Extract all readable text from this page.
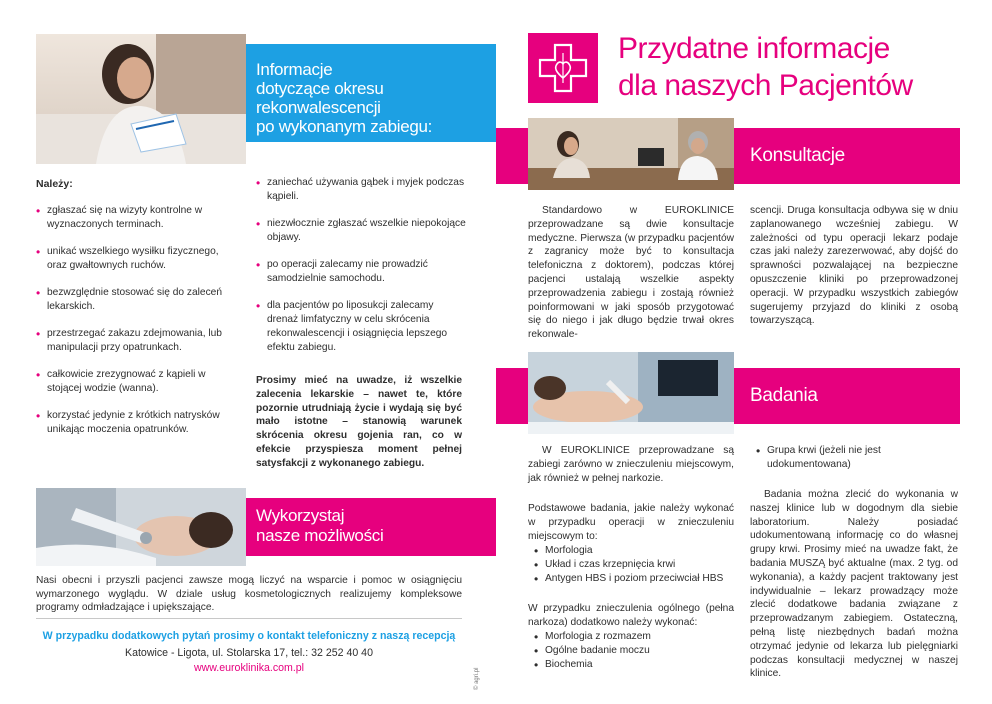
Informacje
dotyczące okresu
rekonwalescencji
po wykonanym zabiegu:
Należy:
• zgłaszać się na wizyty kontrolne w wyznaczonych terminach.
• unikać wszelkiego wysiłku fizycznego, oraz gwałtownych ruchów.
• bezwzględnie stosować się do zaleceń lekarskich.
• przestrzegać zakazu zdejmowania, lub manipulacji przy opatrunkach.
• całkowicie zrezygnować z kąpieli w stojącej wodzie (wanna).
• korzystać jedynie z krótkich natrysków unikając moczenia opatrunków.
• zaniechać używania gąbek i myjek podczas kąpieli.
• niezwłocznie zgłaszać wszelkie niepokojące objawy.
• po operacji zalecamy nie prowadzić samodzielnie samochodu.
• dla pacjentów po liposukcji zalecamy drenaż limfatyczny w celu skrócenia rekonwalescencji i osiągnięcia lepszego efektu zabiegu.
Prosimy mieć na uwadze, iż wszelkie zalecenia lekarskie – nawet te, które pozornie utrudniają życie i wydają się być mało istotne – stanowią warunek skrócenia okresu gojenia ran, co w efekcie przyspiesza moment pełnej satysfakcji z wykonanego zabiegu.
Wykorzystaj
nasze możliwości
Nasi obecni i przyszli pacjenci zawsze mogą liczyć na wsparcie i pomoc w osiągnięciu wymarzonego wyglądu. W dziale usług kosmetologicznych realizujemy kompleksowe programy odmładzające i upiększające.
W przypadku dodatkowych pytań prosimy o kontakt telefoniczny z naszą recepcją
Katowice - Ligota, ul. Stolarska 17, tel.: 32 252 40 40
www.euroklinika.com.pl	© agri.pl
Przydatne informacje
dla naszych Pacjentów
Konsultacje
Standardowo w EUROKLINICE przeprowadzane są dwie konsultacje medyczne. Pierwsza (w przypadku pacjentów z zagranicy może być to konsultacja telefoniczna z doktorem), podczas której pacjenci ustalają wszelkie aspekty przeprowadzenia zabiegu i zostają również poinformowani w jaki sposób przygotować się do niego i jak długo będzie trwał okres rekonwale-
scencji. Druga konsultacja odbywa się w dniu zaplanowanego wcześniej zabiegu. W zależności od typu operacji lekarz podaje czas jaki należy zarezerwować, aby dojść do sprawności pozwalającej na bezpieczne opuszczenie kliniki po przeprowadzonej operacji. W przypadku wszystkich zabiegów sugerujemy przyjazd do kliniki z osobą towarzyszącą.
Badania
W EUROKLINICE przeprowadzane są zabiegi zarówno w znieczuleniu miejscowym, jak również w pełnej narkozie.
Podstawowe badania, jakie należy wykonać w przypadku operacji w znieczuleniu miejscowym to:
• Morfologia
• Układ i czas krzepnięcia krwi
• Antygen HBS i poziom przeciwciał HBS
W przypadku znieczulenia ogólnego (pełna narkoza) dodatkowo należy wykonać:
• Morfologia z rozmazem
• Ogólne badanie moczu
• Biochemia
• Grupa krwi (jeżeli nie jest udokumentowana)
Badania można zlecić do wykonania w naszej klinice lub w dogodnym dla siebie laboratorium. Należy posiadać udokumentowaną informację co do własnej grupy krwi. Prosimy mieć na uwadze fakt, że badania MUSZĄ być aktualne (max. 2 tyg. od wykonania), a każdy pacjent traktowany jest indywidualnie – lekarz prowadzący może zlecić dodatkowe badania związane z przeprowadzanym zabiegiem. Ostateczną, pełną listę niezbędnych badań można otrzymać jedynie od lekarza lub pielęgniarki podczas konsultacji medycznej w naszej klinice.
